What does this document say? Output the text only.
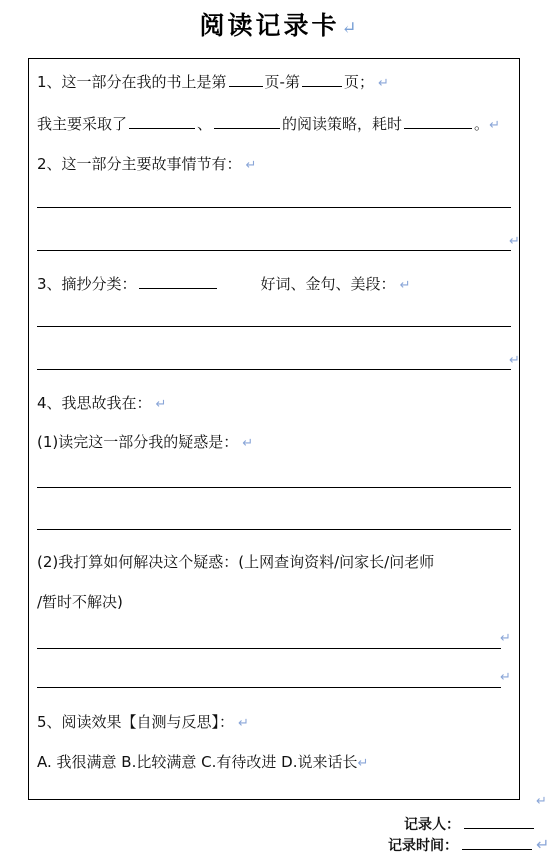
阅读记录卡 ↵
1、这一部分在我的书上是第	页-第	页； ↵
我主要采取了	、	的阅读策略，耗时	。↵
2、这一部分主要故事情节有： ↵
↵
3、摘抄分类：	好词、金句、美段： ↵
↵
4、我思故我在： ↵
(1)读完这一部分我的疑惑是： ↵
(2)我打算如何解决这个疑惑：(上网查询资料/问家长/问老师
/暂时不解决)
↵
↵
5、阅读效果【自测与反思】： ↵
A. 我很满意 B.比较满意 C.有待改进 D.说来话长↵
↵
记录人：
记录时间：	↵
